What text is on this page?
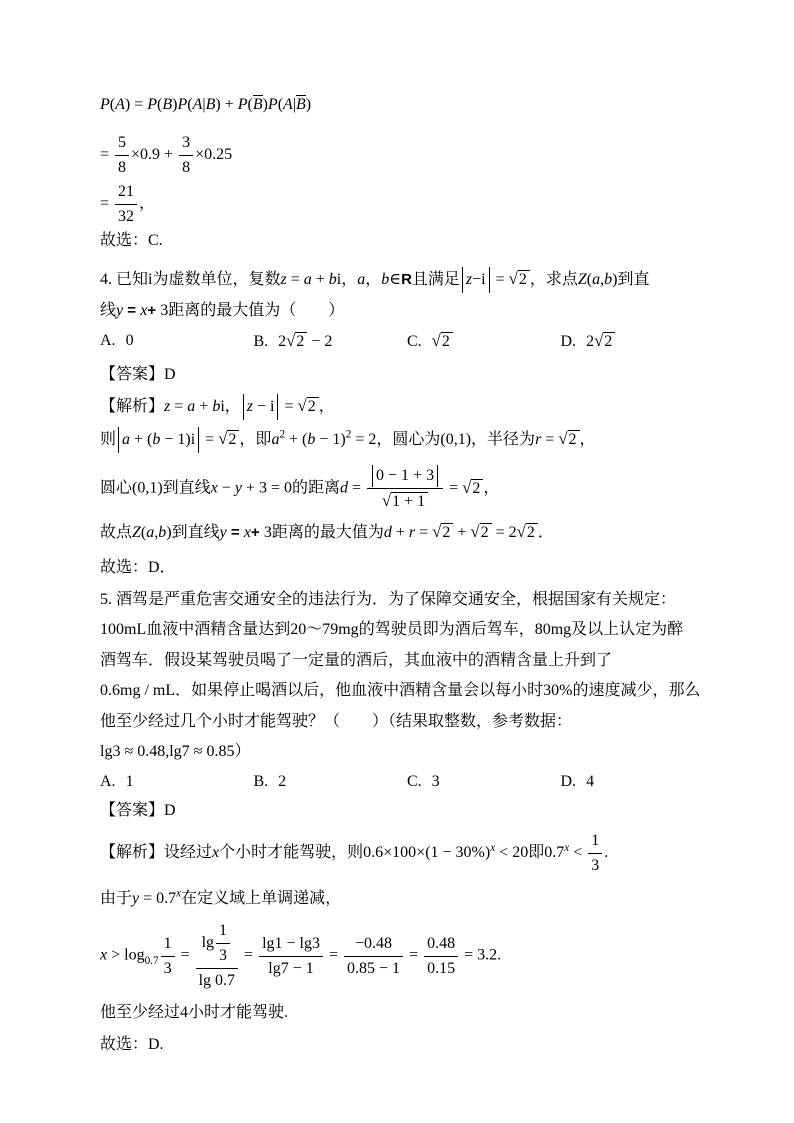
P(A) = P(B)P(A|B) + P(B)P(A|B)
= $\frac{5}{8} \times 0.9 + \frac{3}{8} \times 0.25$
= $\frac{21}{32}$ ，
故选：C.
4. 已知i为虚数单位，复数z = a + bi，a，b∈R且满足 z−i = √2 ，求点Z(a,b)到直
线y = x+ 3距离的最大值为（　　）
A. 0	B. 2√2 − 2	C. √2	D. 2√2
【答案】D
【解析】z = a + bi， z − i = √2 ，
则 a + (b − 1)i = √2 ，即$a^2 + (b - 1)^2 = 2$，圆心为(0,1)，半径为r = √2 ，
圆心(0,1)到直线x − y + 3 = 0的距离$d = \frac{0 - 1 + 3}{√1 + 1} = √2$ ，
故点Z(a,b)到直线y = x+ 3距离的最大值为d + r = √2 + √2 = 2√2 ．
故选：D．
5. 酒驾是严重危害交通安全的违法行为．为了保障交通安全，根据国家有关规定：
100mL血液中酒精含量达到20～79mg的驾驶员即为酒后驾车，80mg及以上认定为醉
酒驾车．假设某驾驶员喝了一定量的酒后，其血液中的酒精含量上升到了
0.6mg / mL．如果停止喝酒以后，他血液中酒精含量会以每小时30%的速度减少，那么
他至少经过几个小时才能驾驶？（　　）（结果取整数，参考数据：
lg3 ≈ 0.48,lg7 ≈ 0.85）
A. 1	B. 2	C. 3	D. 4
【答案】D
【解析】设经过x个小时才能驾驶，则$0.6\times 100\times(1 - 30\%)^x < 20$即$0.7^x < \frac{1}{3}$ .
由于$y = 0.7^x$在定义域上单调递减，
$x > \log_{0.7} \frac{1}{3} = \frac{\lg \frac{1}{3}}{\lg 0.7} = \frac{\lg 1 - \lg 3}{\lg 7 - 1} = \frac{-0.48}{0.85 - 1} = \frac{0.48}{0.15} = 3.2$.
他至少经过4小时才能驾驶.
故选：D.
